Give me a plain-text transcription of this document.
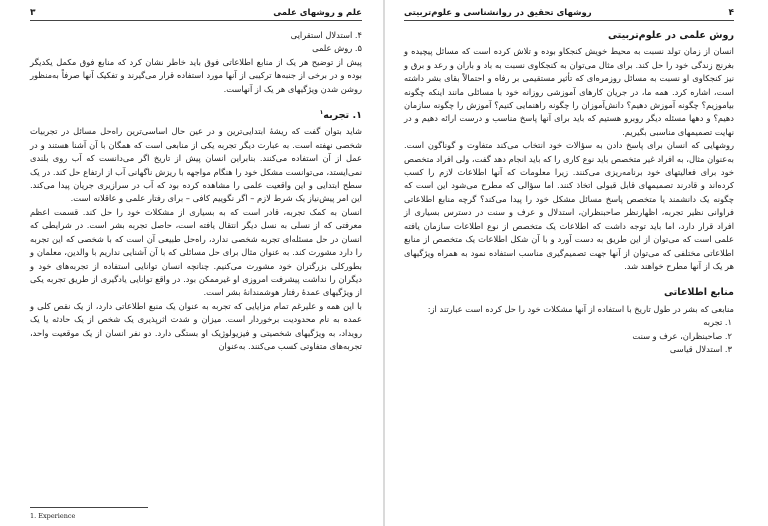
علم و روشهای علمی
۳
۴. استدلال استقرایی
۵. روش علمی

پیش از توضیح هر یک از منابع اطلاعاتی فوق باید خاطر نشان کرد که منابع فوق مکمل یکدیگر بوده و در برخی از جنبه‌ها ترکیبی از آنها مورد استفاده قرار می‌گیرند و تفکیک آنها صرفاً به‌منظور روشن شدن ویژگیهای هر یک از آنهاست.

۱. تجربه$^۱$

شاید بتوان گفت که ریشهٔ ابتدایی‌ترین و در عین حال اساسی‌ترین راه‌حل مسائل در تجربیات شخصی نهفته است. به عبارت دیگر تجربه یکی از منابعی است که همگان با آن آشنا هستند و در عمل از آن استفاده می‌کنند. بنابراین انسان پیش از تاریخ اگر می‌دانست که آب روی بلندی نمی‌ایستد، می‌توانست مشکل خود را هنگام مواجهه با ریزش ناگهانی آب از ارتفاع حل کند. در یک سطح ابتدایی و این واقعیت علمی را مشاهده کرده بود که آب در سرازیری جریان پیدا می‌کند. این امر پیش‌نیاز یک شرط لازم – اگر نگوییم کافی – برای رفتار علمی و عاقلانه است.

انسان به کمک تجربه، قادر است که به بسیاری از مشکلات خود را حل کند. قسمت اعظم معرفتی که از نسلی به نسل دیگر انتقال یافته است، حاصل تجربه بشر است. در شرایطی که انسان در حل مسئله‌ای تجربه شخصی ندارد، راه‌حل طبیعی آن است که با شخصی که این تجربه را دارد مشورت کند. به عنوان مثال برای حل مسائلی که با آن آشنایی نداریم با والدین، معلمان و بطورکلی بزرگتران خود مشورت می‌کنیم. چنانچه انسان توانایی استفاده از تجربه‌های خود و دیگران را نداشت پیشرفت امروزی او غیرممکن بود. در واقع توانایی یادگیری از طریق تجربه یکی از ویژگیهای عمدهٔ رفتار هوشمندانهٔ بشر است.

با این همه و علیرغم تمام مزایایی که تجربه به عنوان یک منبع اطلاعاتی دارد، از یک نقص کلی و عمده به نام محدودیت برخوردار است. میزان و شدت اثرپذیری یک شخص از یک حادثه یا یک رویداد، به ویژگیهای شخصیتی و فیزیولوژیک او بستگی دارد. دو نفر انسان از یک موقعیت واحد، تجربه‌های متفاوتی کسب می‌کنند. به‌عنوان

1. Experience
۴
روشهای تحقیق در روانشناسی و علوم‌تربیتی
روش علمی در علوم‌تربیتی

انسان از زمان تولد نسبت به محیط خویش کنجکاو بوده و تلاش کرده است که مسائل پیچیده و بغرنج زندگی خود را حل کند. برای مثال می‌توان به کنجکاوی نسبت به باد و باران و رعد و برق و نیز کنجکاوی او نسبت به مسائل روزمره‌ای که تأثیر مستقیمی بر رفاه و احتمالاً بقای بشر داشته است، اشاره کرد. همه ما، در جریان کارهای آموزشی روزانه خود با مسائلی مانند اینکه چگونه بیاموزیم؟ چگونه آموزش دهیم؟ دانش‌آموزان را چگونه راهنمایی کنیم؟ آموزش را چگونه سازمان دهیم؟ و دهها مسئله دیگر روبرو هستیم که باید برای آنها پاسخ مناسب و درست ارائه دهیم و در نهایت تصمیمهای مناسبی بگیریم.

روشهایی که انسان برای پاسخ دادن به سؤالات خود انتخاب می‌کند متفاوت و گوناگون است. به‌عنوان مثال، به افراد غیر متخصص باید نوع کاری را که باید انجام دهد گفت، ولی افراد متخصص خود برای فعالیتهای خود برنامه‌ریزی می‌کنند. زیرا معلومات که آنها اطلاعات لازم را کسب کرده‌اند و قادرند تصمیمهای قابل قبولی اتخاذ کنند. اما سؤالی که مطرح می‌شود این است که چگونه یک دانشمند یا متخصص پاسخ مسائل مشکل خود را پیدا می‌کند؟ گرچه منابع اطلاعاتی فراوانی نظیر تجربه، اظهارنظر صاحبنظران، استدلال و عرف و سنت در دسترس بسیاری از افراد قرار دارد، اما باید توجه داشت که اطلاعات یک متخصص از نوع اطلاعات سازمان یافته علمی است که می‌توان از این طریق به دست آورد و با آن شکل اطلاعات یک متخصص از منابع اطلاعاتی مختلفی که می‌توان از آنها جهت تصمیم‌گیری مناسب استفاده نمود به همراه ویژگیهای هر یک از آنها مطرح خواهند شد.

منابع اطلاعاتی

منابعی که بشر در طول تاریخ با استفاده از آنها مشکلات خود را حل کرده است عبارتند از:

۱. تجربه
۲. صاحبنظران، عرف و سنت
۳. استدلال قیاسی
